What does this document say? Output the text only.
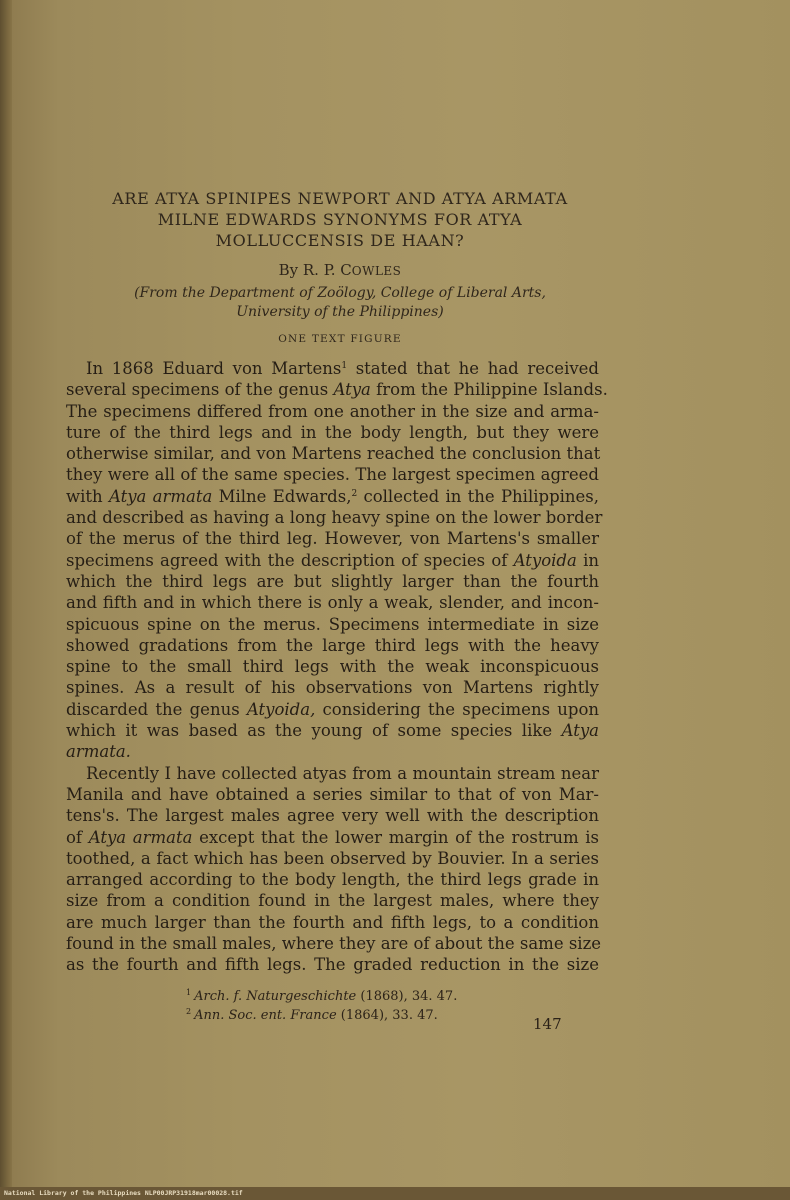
ARE ATYA SPINIPES NEWPORT AND ATYA ARMATA
MILNE EDWARDS SYNONYMS FOR ATYA
MOLLUCCENSIS DE HAAN?
By R. P. COWLES
(From the Department of Zoölogy, College of Liberal Arts,
University of the Philippines)
ONE TEXT FIGURE
In 1868 Eduard von Martens$^1$ stated that he had received
several specimens of the genus Atya from the Philippine Islands.
The specimens differed from one another in the size and arma-
ture of the third legs and in the body length, but they were
otherwise similar, and von Martens reached the conclusion that
they were all of the same species. The largest specimen agreed
with Atya armata Milne Edwards,$^2$ collected in the Philippines,
and described as having a long heavy spine on the lower border
of the merus of the third leg. However, von Martens's smaller
specimens agreed with the description of species of Atyoida in
which the third legs are but slightly larger than the fourth
and fifth and in which there is only a weak, slender, and incon-
spicuous spine on the merus. Specimens intermediate in size
showed gradations from the large third legs with the heavy
spine to the small third legs with the weak inconspicuous
spines. As a result of his observations von Martens rightly
discarded the genus Atyoida, considering the specimens upon
which it was based as the young of some species like Atya
armata.
Recently I have collected atyas from a mountain stream near
Manila and have obtained a series similar to that of von Mar-
tens's. The largest males agree very well with the description
of Atya armata except that the lower margin of the rostrum is
toothed, a fact which has been observed by Bouvier. In a series
arranged according to the body length, the third legs grade in
size from a condition found in the largest males, where they
are much larger than the fourth and fifth legs, to a condition
found in the small males, where they are of about the same size
as the fourth and fifth legs. The graded reduction in the size
$^1$ Arch. f. Naturgeschichte (1868), 34. 47.
$^2$ Ann. Soc. ent. France (1864), 33. 47.	147
National Library of the Philippines NLP00JRP31918mar00028.tif
